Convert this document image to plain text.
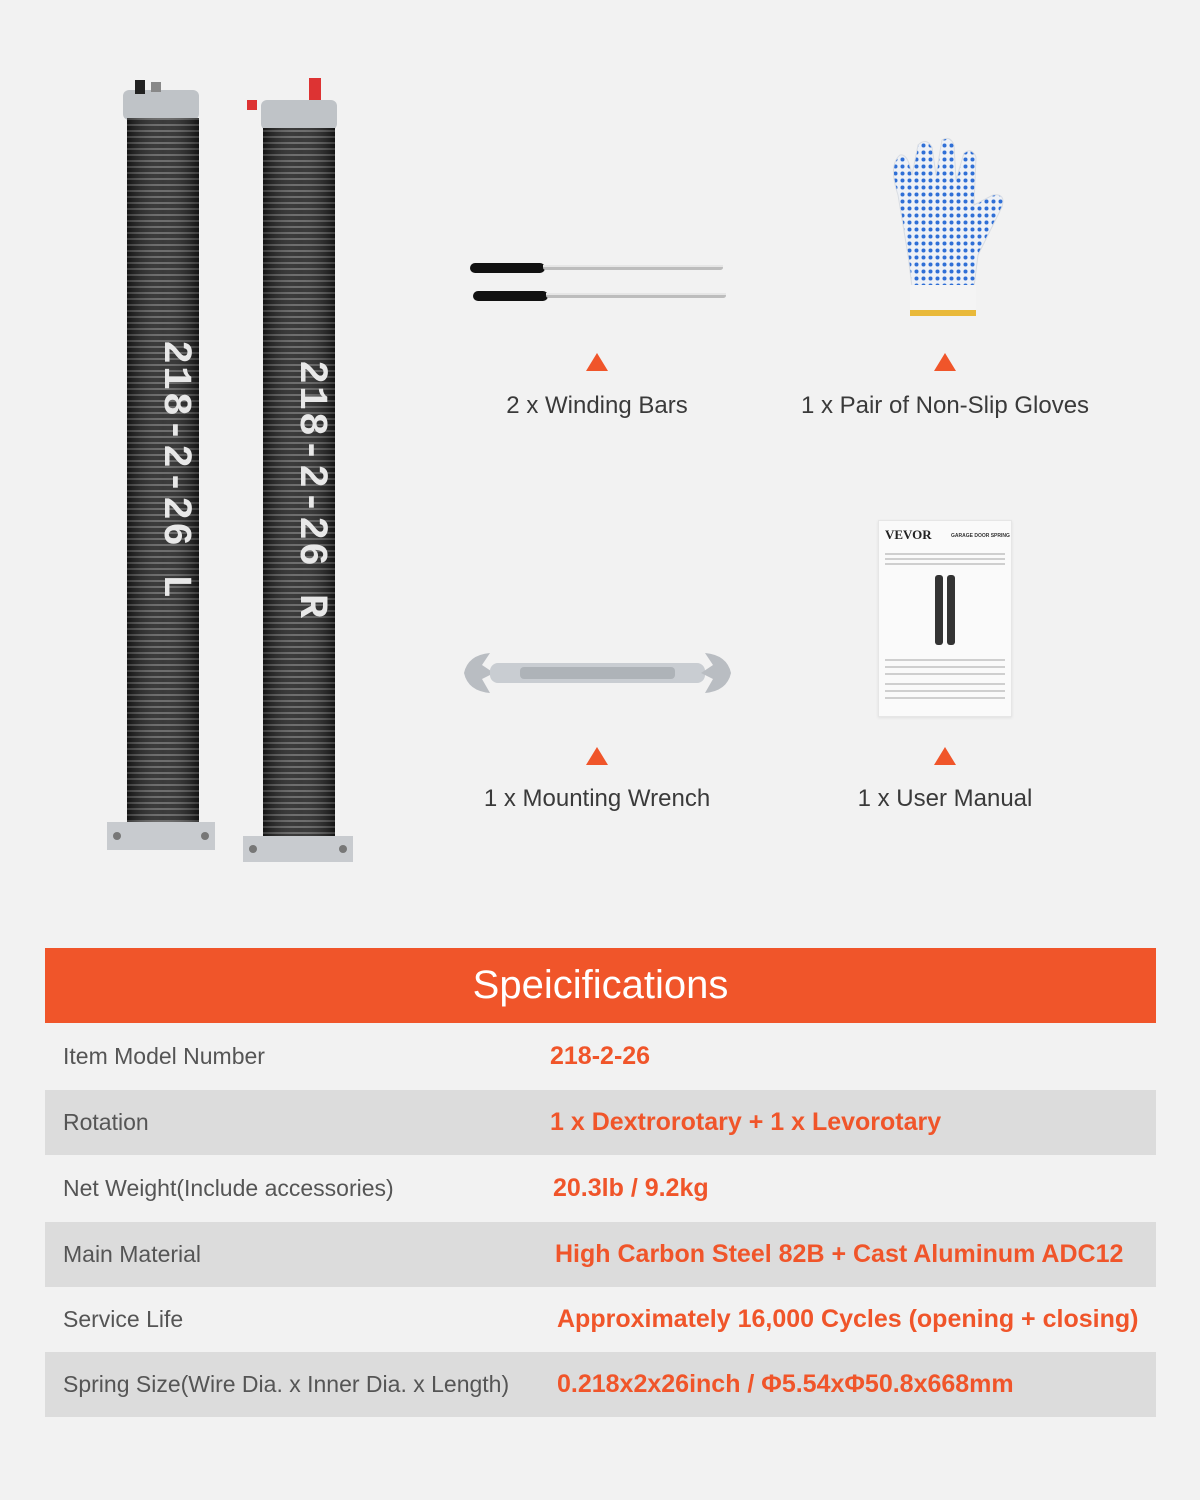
218-2-26 L 218-2-26 R	2 x Winding Bars	1 x Pair of Non-Slip Gloves
1 x Mounting Wrench
VEVOR	GARAGE DOOR SPRING
1 x User Manual
Speicifications
Item Model Number	218-2-26
Rotation	1 x Dextrorotary + 1 x Levorotary
Net Weight(Include accessories)	20.3lb / 9.2kg
Main Material	High Carbon Steel 82B + Cast Aluminum ADC12
Service Life	Approximately 16,000 Cycles (opening + closing)
Spring Size(Wire Dia. x Inner Dia. x Length) 0.218x2x26inch / Φ5.54xΦ50.8x668mm
